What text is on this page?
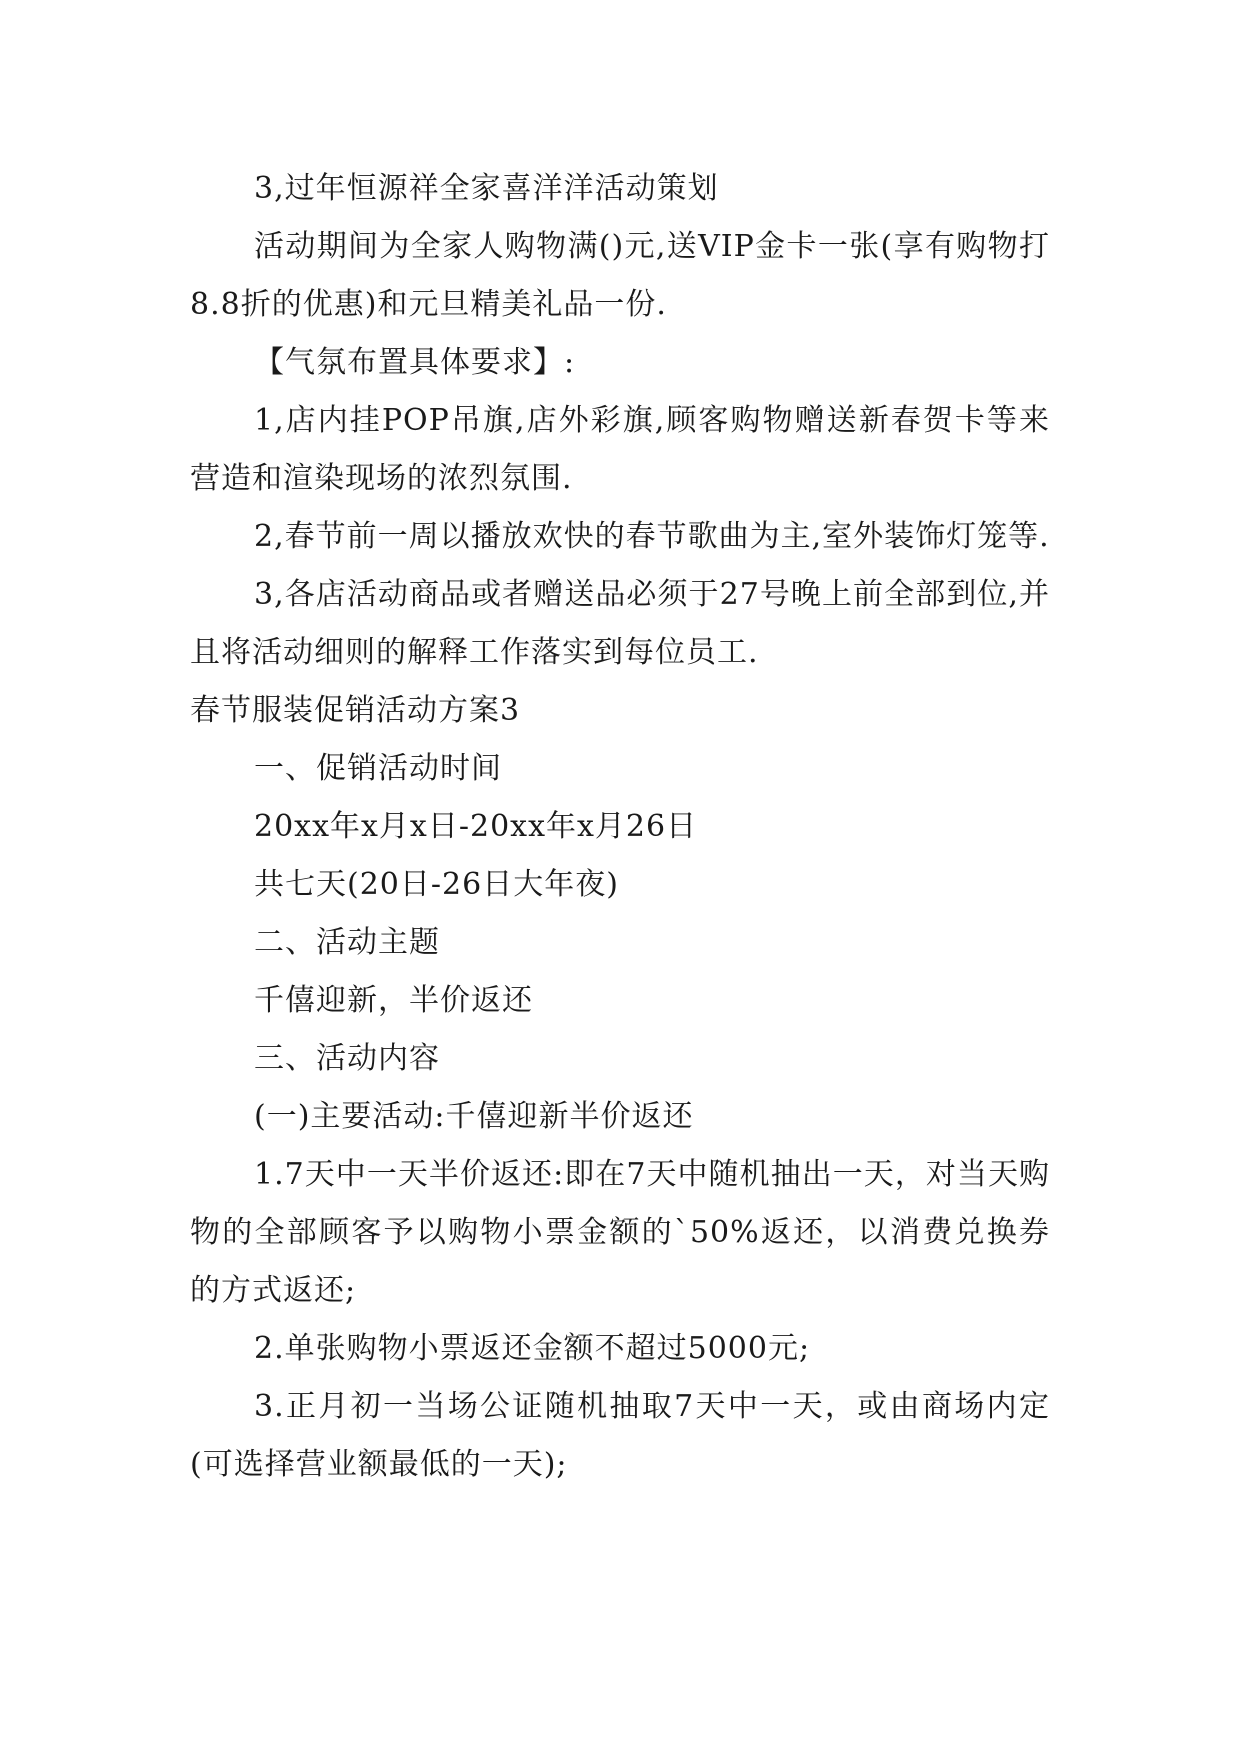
3,过年恒源祥全家喜洋洋活动策划

活动期间为全家人购物满()元,送VIP金卡一张(享有购物打8.8折的优惠)和元旦精美礼品一份.

【气氛布置具体要求】:

1,店内挂POP吊旗,店外彩旗,顾客购物赠送新春贺卡等来营造和渲染现场的浓烈氛围.

2,春节前一周以播放欢快的春节歌曲为主,室外装饰灯笼等.

3,各店活动商品或者赠送品必须于27号晚上前全部到位,并且将活动细则的解释工作落实到每位员工.

春节服装促销活动方案3

一、促销活动时间

20xx年x月x日-20xx年x月26日

共七天(20日-26日大年夜)

二、活动主题

千僖迎新，半价返还

三、活动内容

(一)主要活动:千僖迎新半价返还

1.7天中一天半价返还:即在7天中随机抽出一天，对当天购物的全部顾客予以购物小票金额的`50%返还，以消费兑换券的方式返还;

2.单张购物小票返还金额不超过5000元;

3.正月初一当场公证随机抽取7天中一天，或由商场内定(可选择营业额最低的一天);
